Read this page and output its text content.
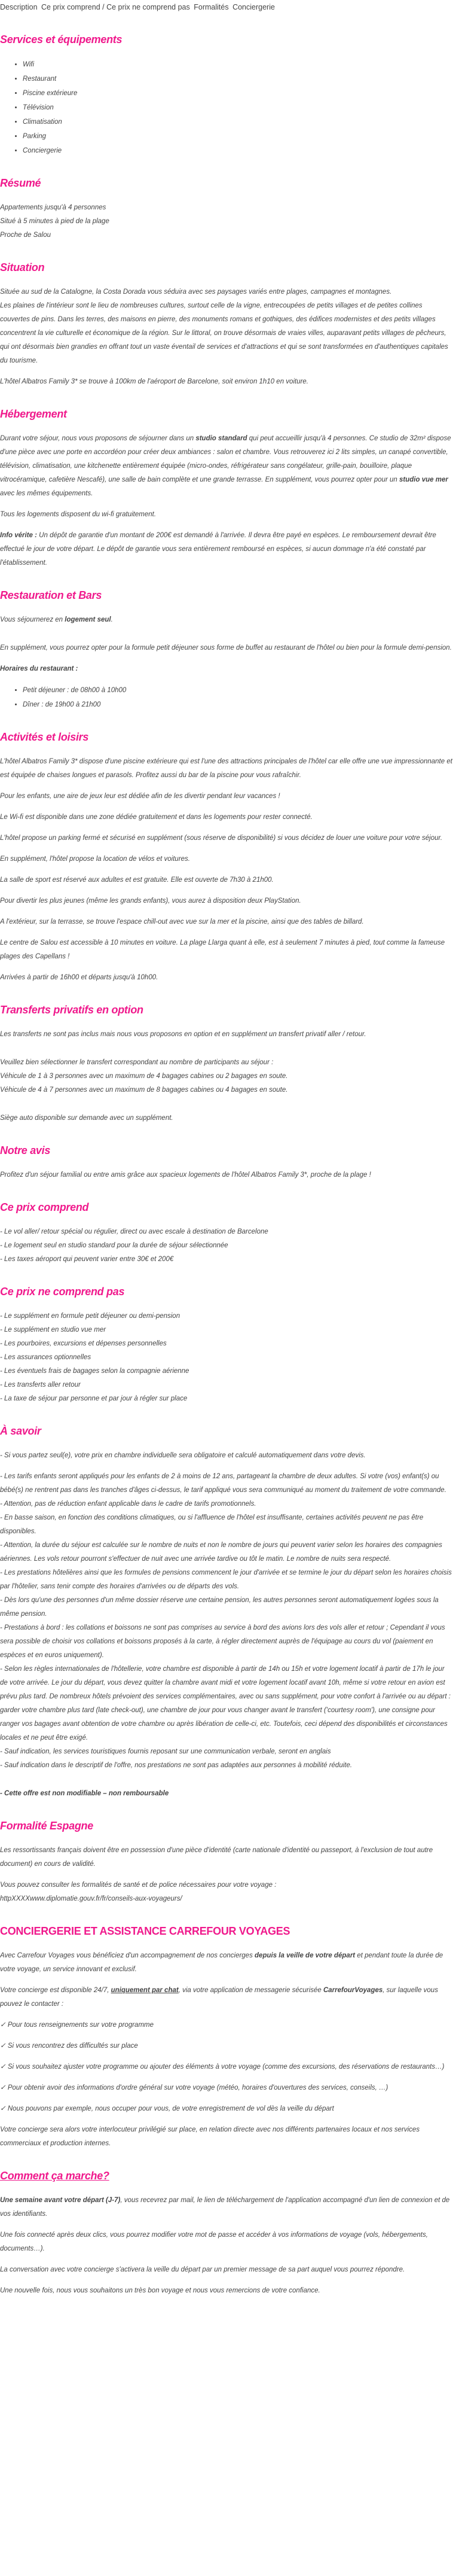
Description Ce prix comprend / Ce prix ne comprend pas Formalités Conciergerie
Services et équipements
• Wifi
• Restaurant
• Piscine extérieure
• Télévision
• Climatisation
• Parking
• Conciergerie
Résumé
Appartements jusqu'à 4 personnes
Situé à 5 minutes à pied de la plage
Proche de Salou
Situation

Située au sud de la Catalogne, la Costa Dorada vous séduira avec ses paysages variés entre plages, campagnes et montagnes.

Les plaines de l'intérieur sont le lieu de nombreuses cultures, surtout celle de la vigne, entrecoupées de petits villages et de petites collines couvertes de pins. Dans les terres, des maisons en pierre, des monuments romans et gothiques, des édifices modernistes et des petits villages concentrent la vie culturelle et économique de la région. Sur le littoral, on trouve désormais de vraies villes, auparavant petits villages de pêcheurs, qui ont désormais bien grandies en offrant tout un vaste éventail de services et d'attractions et qui se sont transformées en d'authentiques capitales du tourisme.

L'hôtel Albatros Family 3* se trouve à 100km de l'aéroport de Barcelone, soit environ 1h10 en voiture.

Hébergement

Durant votre séjour, nous vous proposons de séjourner dans un studio standard qui peut accueillir jusqu'à 4 personnes. Ce studio de 32m² dispose d'une pièce avec une porte en accordéon pour créer deux ambiances : salon et chambre. Vous retrouverez ici 2 lits simples, un canapé convertible, télévision, climatisation, une kitchenette entièrement équipée (micro-ondes, réfrigérateur sans congélateur, grille-pain, bouilloire, plaque vitrocéramique, cafetière Nescafé), une salle de bain complète et une grande terrasse. En supplément, vous pourrez opter pour un studio vue mer avec les mêmes équipements.

Tous les logements disposent du wi-fi gratuitement.

Info vérite : Un dépôt de garantie d'un montant de 200€ est demandé à l'arrivée. Il devra être payé en espèces. Le remboursement devrait être effectué le jour de votre départ. Le dépôt de garantie vous sera entièrement remboursé en espèces, si aucun dommage n'a été constaté par l'établissement.

Restauration et Bars

Vous séjournerez en logement seul.

En supplément, vous pourrez opter pour la formule petit déjeuner sous forme de buffet au restaurant de l'hôtel ou bien pour la formule demi-pension.

Horaires du restaurant :

• Petit déjeuner : de 08h00 à 10h00
• Dîner : de 19h00 à 21h00
Activités et loisirs

L'hôtel Albatros Family 3* dispose d'une piscine extérieure qui est l'une des attractions principales de l'hôtel car elle offre une vue impressionnante et est équipée de chaises longues et parasols. Profitez aussi du bar de la piscine pour vous rafraîchir.

Pour les enfants, une aire de jeux leur est dédiée afin de les divertir pendant leur vacances !

Le Wi-fi est disponible dans une zone dédiée gratuitement et dans les logements pour rester connecté.

L'hôtel propose un parking fermé et sécurisé en supplément (sous réserve de disponibilité) si vous décidez de louer une voiture pour votre séjour.

En supplément, l'hôtel propose la location de vélos et voitures.

La salle de sport est réservé aux adultes et est gratuite. Elle est ouverte de 7h30 à 21h00.

Pour divertir les plus jeunes (même les grands enfants), vous aurez à disposition deux PlayStation.

A l'extérieur, sur la terrasse, se trouve l'espace chill-out avec vue sur la mer et la piscine, ainsi que des tables de billard.

Le centre de Salou est accessible à 10 minutes en voiture. La plage Llarga quant à elle, est à seulement 7 minutes à pied, tout comme la fameuse plages des Capellans !

Arrivées à partir de 16h00 et départs jusqu'à 10h00.

Transferts privatifs en option

Les transferts ne sont pas inclus mais nous vous proposons en option et en supplément un transfert privatif aller / retour.

Veuillez bien sélectionner le transfert correspondant au nombre de participants au séjour :
Véhicule de 1 à 3 personnes avec un maximum de 4 bagages cabines ou 2 bagages en soute.
Véhicule de 4 à 7 personnes avec un maximum de 8 bagages cabines ou 4 bagages en soute.

Siège auto disponible sur demande avec un supplément.

Notre avis

Profitez d'un séjour familial ou entre amis grâce aux spacieux logements de l'hôtel Albatros Family 3*, proche de la plage !

Ce prix comprend
- Le vol aller/ retour spécial ou régulier, direct ou avec escale à destination de Barcelone
- Le logement seul en studio standard pour la durée de séjour sélectionnée
- Les taxes aéroport qui peuvent varier entre 30€ et 200€
Ce prix ne comprend pas
- Le supplément en formule petit déjeuner ou demi-pension
- Le supplément en studio vue mer
- Les pourboires, excursions et dépenses personnelles
- Les assurances optionnelles
- Les éventuels frais de bagages selon la compagnie aérienne
- Les transferts aller retour
- La taxe de séjour par personne et par jour à régler sur place
À savoir

- Si vous partez seul(e), votre prix en chambre individuelle sera obligatoire et calculé automatiquement dans votre devis.

- Les tarifs enfants seront appliqués pour les enfants de 2 à moins de 12 ans, partageant la chambre de deux adultes. Si votre (vos) enfant(s) ou bébé(s) ne rentrent pas dans les tranches d'âges ci-dessus, le tarif appliqué vous sera communiqué au moment du traitement de votre commande.
- Attention, pas de réduction enfant applicable dans le cadre de tarifs promotionnels.
- En basse saison, en fonction des conditions climatiques, ou si l'affluence de l'hôtel est insuffisante, certaines activités peuvent ne pas être disponibles.
- Attention, la durée du séjour est calculée sur le nombre de nuits et non le nombre de jours qui peuvent varier selon les horaires des compagnies aériennes. Les vols retour pourront s'effectuer de nuit avec une arrivée tardive ou tôt le matin. Le nombre de nuits sera respecté.
- Les prestations hôtelières ainsi que les formules de pensions commencent le jour d'arrivée et se termine le jour du départ selon les horaires choisis par l'hôtelier, sans tenir compte des horaires d'arrivées ou de départs des vols.
- Dès lors qu'une des personnes d'un même dossier réserve une certaine pension, les autres personnes seront automatiquement logées sous la même pension.
- Prestations à bord : les collations et boissons ne sont pas comprises au service à bord des avions lors des vols aller et retour ; Cependant il vous sera possible de choisir vos collations et boissons proposés à la carte, à régler directement auprès de l'équipage au cours du vol (paiement en espèces et en euros uniquement).
- Selon les règles internationales de l'hôtellerie, votre chambre est disponible à partir de 14h ou 15h et votre logement locatif à partir de 17h le jour de votre arrivée. Le jour du départ, vous devez quitter la chambre avant midi et votre logement locatif avant 10h, même si votre retour en avion est prévu plus tard. De nombreux hôtels prévoient des services complémentaires, avec ou sans supplément, pour votre confort à l'arrivée ou au départ : garder votre chambre plus tard (late check-out), une chambre de jour pour vous changer avant le transfert ('courtesy room'), une consigne pour ranger vos bagages avant obtention de votre chambre ou après libération de celle-ci, etc. Toutefois, ceci dépend des disponibilités et circonstances locales et ne peut être exigé.
- Sauf indication, les services touristiques fournis reposant sur une communication verbale, seront en anglais
- Sauf indication dans le descriptif de l'offre, nos prestations ne sont pas adaptées aux personnes à mobilité réduite.

- Cette offre est non modifiable – non remboursable

Formalité Espagne

Les ressortissants français doivent être en possession d'une pièce d'identité (carte nationale d'identité ou passeport, à l'exclusion de tout autre document) en cours de validité.

Vous pouvez consulter les formalités de santé et de police nécessaires pour votre voyage :

httpXXXXwww.diplomatie.gouv.fr/fr/conseils-aux-voyageurs/

CONCIERGERIE ET ASSISTANCE CARREFOUR VOYAGES

Avec Carrefour Voyages vous bénéficiez d'un accompagnement de nos concierges depuis la veille de votre départ et pendant toute la durée de votre voyage, un service innovant et exclusif.

Votre concierge est disponible 24/7, uniquement par chat, via votre application de messagerie sécurisée CarrefourVoyages, sur laquelle vous pouvez le contacter :

✓ Pour tous renseignements sur votre programme

✓ Si vous rencontrez des difficultés sur place

✓ Si vous souhaitez ajuster votre programme ou ajouter des éléments à votre voyage (comme des excursions, des réservations de restaurants…)

✓ Pour obtenir avoir des informations d'ordre général sur votre voyage (météo, horaires d'ouvertures des services, conseils, …)

✓ Nous pouvons par exemple, nous occuper pour vous, de votre enregistrement de vol dès la veille du départ

Votre concierge sera alors votre interlocuteur privilégié sur place, en relation directe avec nos différents partenaires locaux et nos services commerciaux et production internes.

Comment ça marche?

Une semaine avant votre départ (J-7), vous recevrez par mail, le lien de téléchargement de l'application accompagné d'un lien de connexion et de vos identifiants.

Une fois connecté après deux clics, vous pourrez modifier votre mot de passe et accéder à vos informations de voyage (vols, hébergements, documents…).

La conversation avec votre concierge s'activera la veille du départ par un premier message de sa part auquel vous pourrez répondre.

Une nouvelle fois, nous vous souhaitons un très bon voyage et nous vous remercions de votre confiance.
